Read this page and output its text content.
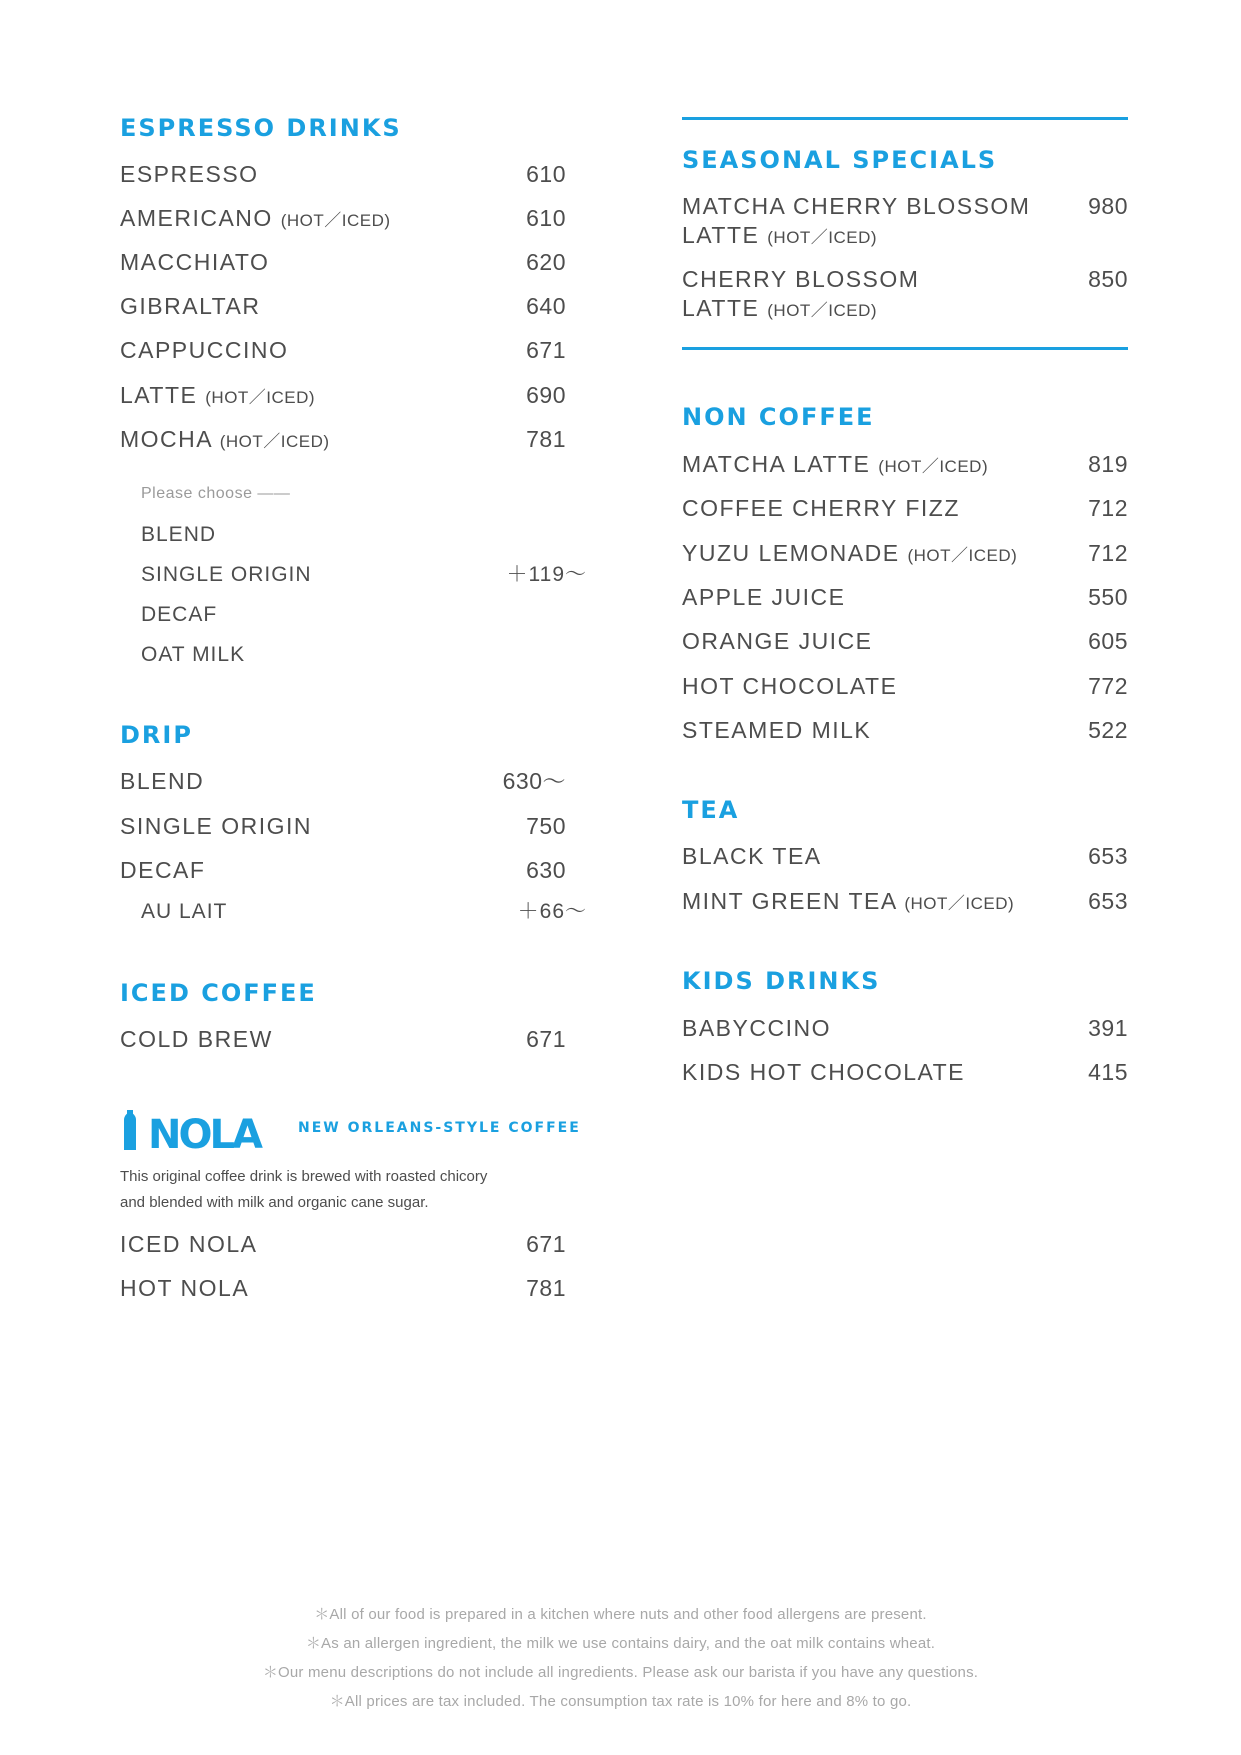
ESPRESSO DRINKS
ESPRESSO	610
AMERICANO (HOT／ICED)	610
MACCHIATO	620
GIBRALTAR	640
CAPPUCCINO	671
LATTE (HOT／ICED)	690
MOCHA (HOT／ICED)	781
Please choose ――
BLEND
SINGLE ORIGIN	＋119～
DECAF
OAT MILK
DRIP
BLEND	630～
SINGLE ORIGIN	750
DECAF	630
AU LAIT	＋66～
ICED COFFEE
COLD BREW	671
NOLA	NEW ORLEANS-STYLE COFFEE
This original coffee drink is brewed with roasted chicory
and blended with milk and organic cane sugar.
ICED NOLA	671
HOT NOLA	781
SEASONAL SPECIALS
MATCHA CHERRY BLOSSOM	980
LATTE (HOT／ICED)
CHERRY BLOSSOM	850
LATTE (HOT／ICED)
NON COFFEE
MATCHA LATTE (HOT／ICED)	819
COFFEE CHERRY FIZZ	712
YUZU LEMONADE (HOT／ICED)	712
APPLE JUICE	550
ORANGE JUICE	605
HOT CHOCOLATE	772
STEAMED MILK	522
TEA
BLACK TEA	653
MINT GREEN TEA (HOT／ICED)	653
KIDS DRINKS
BABYCCINO	391
KIDS HOT CHOCOLATE	415
＊All of our food is prepared in a kitchen where nuts and other food allergens are present.
＊As an allergen ingredient, the milk we use contains dairy, and the oat milk contains wheat.
＊Our menu descriptions do not include all ingredients. Please ask our barista if you have any questions.
＊All prices are tax included. The consumption tax rate is 10% for here and 8% to go.
